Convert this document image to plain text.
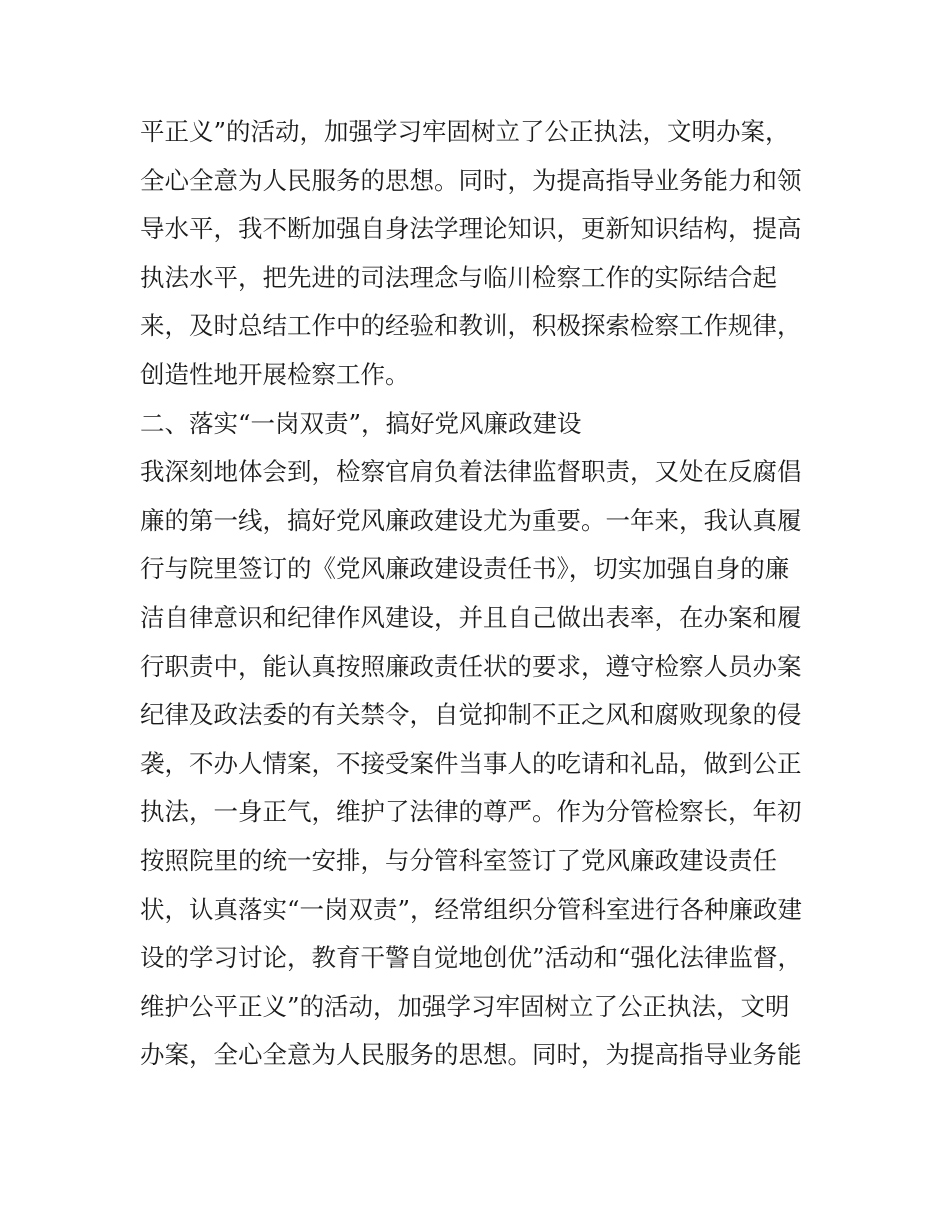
平正义”的活动，加强学习牢固树立了公正执法，文明办案，
全心全意为人民服务的思想。同时，为提高指导业务能力和领
导水平，我不断加强自身法学理论知识，更新知识结构，提高
执法水平，把先进的司法理念与临川检察工作的实际结合起
来，及时总结工作中的经验和教训，积极探索检察工作规律，
创造性地开展检察工作。
二、落实“一岗双责”，搞好党风廉政建设
我深刻地体会到，检察官肩负着法律监督职责，又处在反腐倡
廉的第一线，搞好党风廉政建设尤为重要。一年来，我认真履
行与院里签订的《党风廉政建设责任书》，切实加强自身的廉
洁自律意识和纪律作风建设，并且自己做出表率，在办案和履
行职责中，能认真按照廉政责任状的要求，遵守检察人员办案
纪律及政法委的有关禁令，自觉抑制不正之风和腐败现象的侵
袭，不办人情案，不接受案件当事人的吃请和礼品，做到公正
执法，一身正气，维护了法律的尊严。作为分管检察长，年初
按照院里的统一安排，与分管科室签订了党风廉政建设责任
状，认真落实“一岗双责”，经常组织分管科室进行各种廉政建
设的学习讨论，教育干警自觉地创优”活动和“强化法律监督，
维护公平正义”的活动，加强学习牢固树立了公正执法，文明
办案，全心全意为人民服务的思想。同时，为提高指导业务能
